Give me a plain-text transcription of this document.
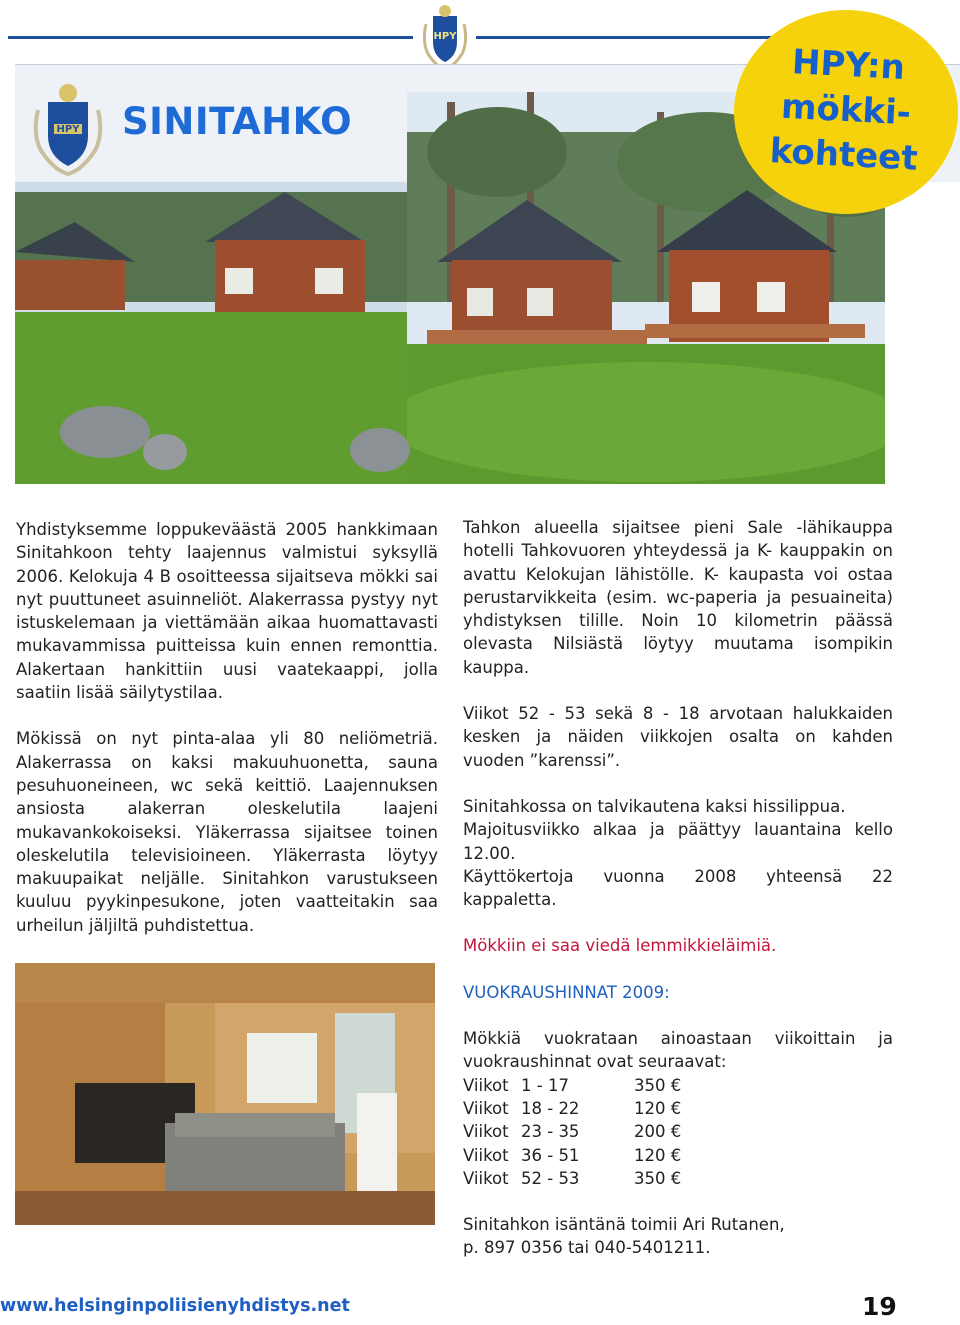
HPY
HPY SINITAHKO
HPY:n
mökki-
kohteet

Yhdistyksemme loppukeväästä 2005 hankkimaan Sinitahkoon tehty laajennus valmistui syksyllä 2006. Kelokuja 4 B osoitteessa sijaitseva mökki sai nyt puuttuneet asuinneliöt. Alakerrassa pystyy nyt istuskelemaan ja viettämään aikaa huomattavasti mukavammissa puitteissa kuin ennen remonttia. Alakertaan hankittiin uusi vaatekaappi, jolla saatiin lisää säilytystilaa.

Mökissä on nyt pinta-alaa yli 80 neliömetriä. Alakerrassa on kaksi makuuhuonetta, sauna pesuhuoneineen, wc sekä keittiö. Laajennuksen ansiosta alakerran oleskelutila laajeni mukavankokoiseksi. Yläkerrassa sijaitsee toinen oleskelutila televisioineen. Yläkerrasta löytyy makuupaikat neljälle. Sinitahkon varustukseen kuuluu pyykinpesukone, joten vaatteitakin saa urheilun jäljiltä puhdistettua.

Tahkon alueella sijaitsee pieni Sale -lähikauppa hotelli Tahkovuoren yhteydessä ja K- kauppakin on avattu Kelokujan lähistölle. K- kaupasta voi ostaa perustarvikkeita (esim. wc-paperia ja pesuaineita) yhdistyksen tilille. Noin 10 kilometrin päässä olevasta Nilsiästä löytyy muutama isompikin kauppa.

Viikot 52 - 53 sekä 8 - 18 arvotaan halukkaiden kesken ja näiden viikkojen osalta on kahden vuoden ”karenssi”.

Sinitahkossa on talvikautena kaksi hissilippua.

Majoitusviikko alkaa ja päättyy lauantaina kello 12.00.

Käyttökertoja vuonna 2008 yhteensä 22 kappaletta.

Mökkiin ei saa viedä lemmikkieläimiä.

VUOKRAUSHINNAT 2009:

Mökkiä vuokrataan ainoastaan viikoittain ja vuokraushinnat ovat seuraavat:

Viikot 1 - 17	350 €
Viikot 18 - 22	120 €
Viikot 23 - 35	200 €
Viikot 36 - 51	120 €
Viikot 52 - 53	350 €

Sinitahkon isäntänä toimii Ari Rutanen,

p. 897 0356 tai 040-5401211.

www.helsinginpoliisienyhdistys.net	19
